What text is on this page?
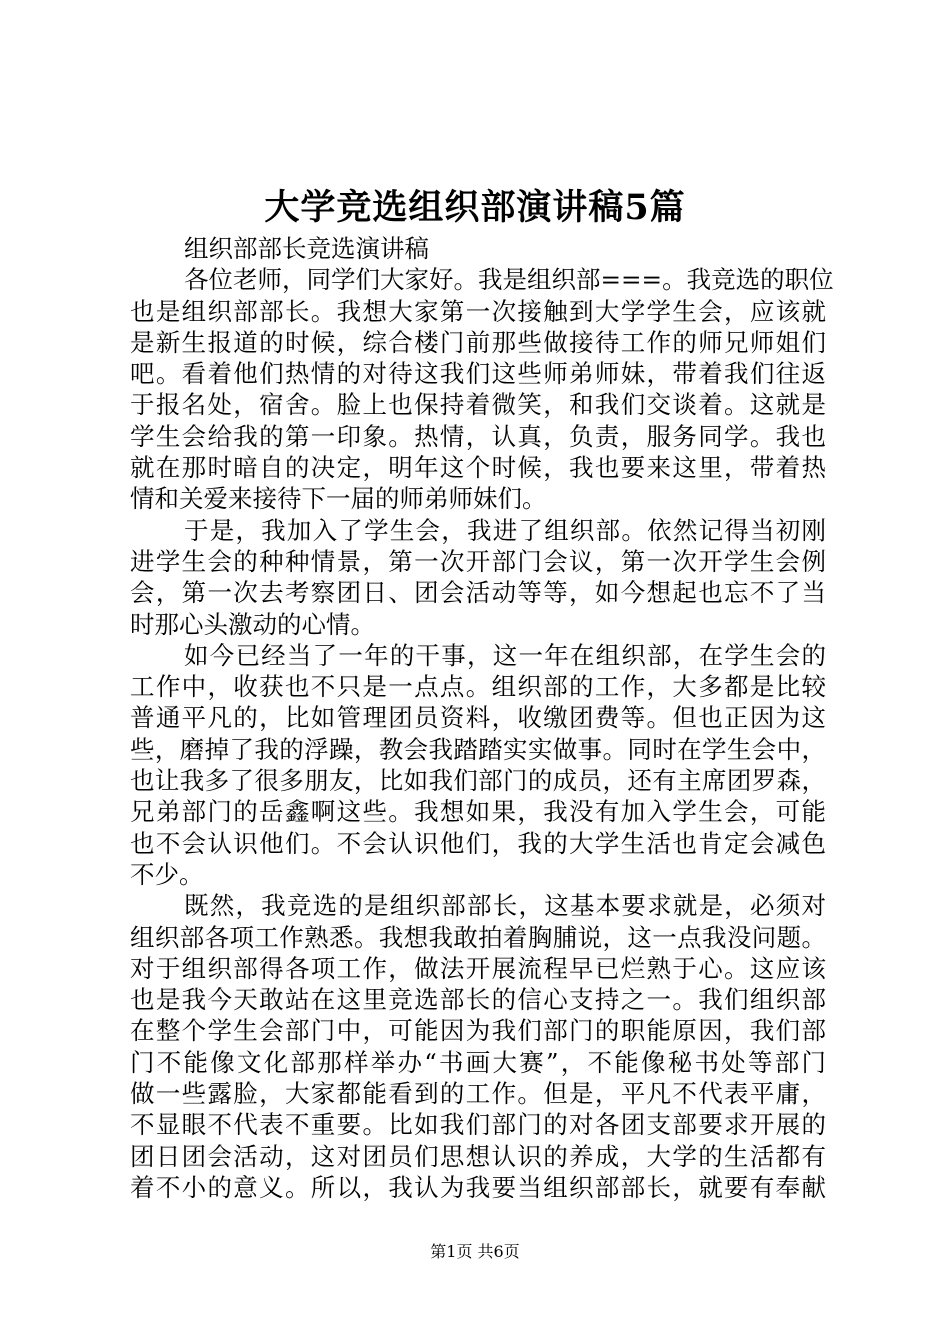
大学竞选组织部演讲稿5篇
组织部部长竞选演讲稿
各位老师，同学们大家好。我是组织部===。我竞选的职位
也是组织部部长。我想大家第一次接触到大学学生会，应该就
是新生报道的时候，综合楼门前那些做接待工作的师兄师姐们
吧。看着他们热情的对待这我们这些师弟师妹，带着我们往返
于报名处，宿舍。脸上也保持着微笑，和我们交谈着。这就是
学生会给我的第一印象。热情，认真，负责，服务同学。我也
就在那时暗自的决定，明年这个时候，我也要来这里，带着热
情和关爱来接待下一届的师弟师妹们。
于是，我加入了学生会，我进了组织部。依然记得当初刚
进学生会的种种情景，第一次开部门会议，第一次开学生会例
会，第一次去考察团日、团会活动等等，如今想起也忘不了当
时那心头激动的心情。
如今已经当了一年的干事，这一年在组织部，在学生会的
工作中，收获也不只是一点点。组织部的工作，大多都是比较
普通平凡的，比如管理团员资料，收缴团费等。但也正因为这
些，磨掉了我的浮躁，教会我踏踏实实做事。同时在学生会中，
也让我多了很多朋友，比如我们部门的成员，还有主席团罗森，
兄弟部门的岳鑫啊这些。我想如果，我没有加入学生会，可能
也不会认识他们。不会认识他们，我的大学生活也肯定会减色
不少。
既然，我竞选的是组织部部长，这基本要求就是，必须对
组织部各项工作熟悉。我想我敢拍着胸脯说，这一点我没问题。
对于组织部得各项工作，做法开展流程早已烂熟于心。这应该
也是我今天敢站在这里竞选部长的信心支持之一。我们组织部
在整个学生会部门中，可能因为我们部门的职能原因，我们部
门不能像文化部那样举办“书画大赛”，不能像秘书处等部门
做一些露脸，大家都能看到的工作。但是，平凡不代表平庸，
不显眼不代表不重要。比如我们部门的对各团支部要求开展的
团日团会活动，这对团员们思想认识的养成，大学的生活都有
着不小的意义。所以，我认为我要当组织部部长，就要有奉献
第1页 共6页
